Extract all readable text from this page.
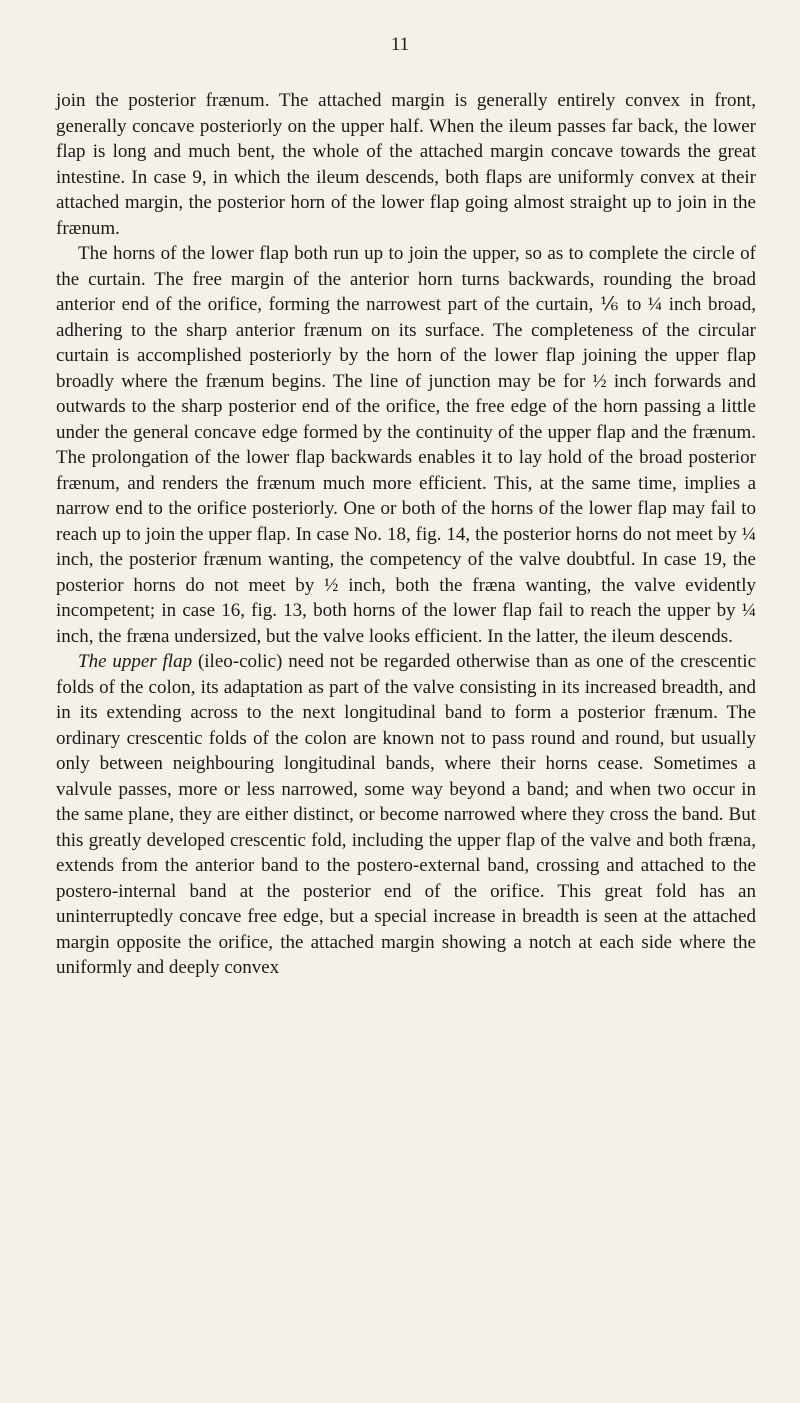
11

join the posterior frænum. The attached margin is generally entirely convex in front, generally concave posteriorly on the upper half. When the ileum passes far back, the lower flap is long and much bent, the whole of the attached margin concave towards the great intestine. In case 9, in which the ileum descends, both flaps are uniformly convex at their attached margin, the posterior horn of the lower flap going almost straight up to join in the frænum.

The horns of the lower flap both run up to join the upper, so as to complete the circle of the curtain. The free margin of the anterior horn turns backwards, rounding the broad anterior end of the orifice, forming the narrowest part of the curtain, ⅙ to ¼ inch broad, adhering to the sharp anterior frænum on its surface. The completeness of the circular curtain is accomplished posteriorly by the horn of the lower flap joining the upper flap broadly where the frænum begins. The line of junction may be for ½ inch forwards and outwards to the sharp posterior end of the orifice, the free edge of the horn passing a little under the general concave edge formed by the continuity of the upper flap and the frænum. The prolongation of the lower flap backwards enables it to lay hold of the broad posterior frænum, and renders the frænum much more efficient. This, at the same time, implies a narrow end to the orifice posteriorly. One or both of the horns of the lower flap may fail to reach up to join the upper flap. In case No. 18, fig. 14, the posterior horns do not meet by ¼ inch, the posterior frænum wanting, the competency of the valve doubtful. In case 19, the posterior horns do not meet by ½ inch, both the fræna wanting, the valve evidently incompetent; in case 16, fig. 13, both horns of the lower flap fail to reach the upper by ¼ inch, the fræna undersized, but the valve looks efficient. In the latter, the ileum descends.

The upper flap (ileo-colic) need not be regarded otherwise than as one of the crescentic folds of the colon, its adaptation as part of the valve consisting in its increased breadth, and in its extending across to the next longitudinal band to form a posterior frænum. The ordinary crescentic folds of the colon are known not to pass round and round, but usually only between neighbouring longitudinal bands, where their horns cease. Sometimes a valvule passes, more or less narrowed, some way beyond a band; and when two occur in the same plane, they are either distinct, or become narrowed where they cross the band. But this greatly developed crescentic fold, including the upper flap of the valve and both fræna, extends from the anterior band to the postero-external band, crossing and attached to the postero-internal band at the posterior end of the orifice. This great fold has an uninterruptedly concave free edge, but a special increase in breadth is seen at the attached margin opposite the orifice, the attached margin showing a notch at each side where the uniformly and deeply convex
